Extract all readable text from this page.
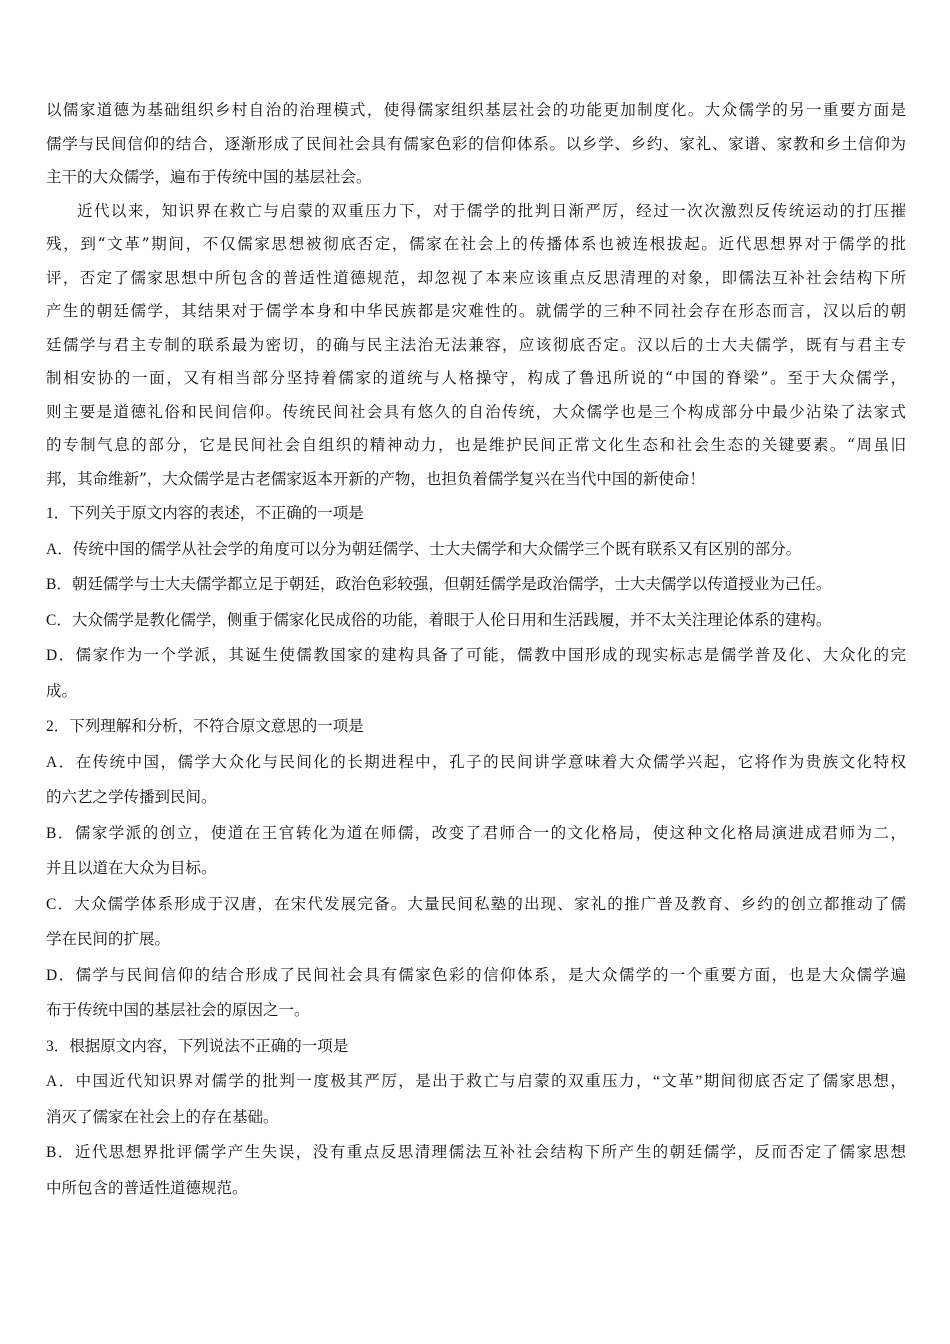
以儒家道德为基础组织乡村自治的治理模式，使得儒家组织基层社会的功能更加制度化。大众儒学的另一重要方面是
儒学与民间信仰的结合，逐渐形成了民间社会具有儒家色彩的信仰体系。以乡学、乡约、家礼、家谱、家教和乡土信仰为
主干的大众儒学，遍布于传统中国的基层社会。
近代以来，知识界在救亡与启蒙的双重压力下，对于儒学的批判日渐严厉，经过一次次激烈反传统运动的打压摧
残，到“文革”期间，不仅儒家思想被彻底否定，儒家在社会上的传播体系也被连根拔起。近代思想界对于儒学的批
评，否定了儒家思想中所包含的普适性道德规范，却忽视了本来应该重点反思清理的对象，即儒法互补社会结构下所
产生的朝廷儒学，其结果对于儒学本身和中华民族都是灾难性的。就儒学的三种不同社会存在形态而言，汉以后的朝
廷儒学与君主专制的联系最为密切，的确与民主法治无法兼容，应该彻底否定。汉以后的士大夫儒学，既有与君主专
制相安协的一面，又有相当部分坚持着儒家的道统与人格操守，构成了鲁迅所说的“中国的脊梁”。至于大众儒学，
则主要是道德礼俗和民间信仰。传统民间社会具有悠久的自治传统，大众儒学也是三个构成部分中最少沾染了法家式
的专制气息的部分，它是民间社会自组织的精神动力，也是维护民间正常文化生态和社会生态的关键要素。“周虽旧
邦，其命维新”，大众儒学是古老儒家返本开新的产物，也担负着儒学复兴在当代中国的新使命！
1．下列关于原文内容的表述，不正确的一项是
A．传统中国的儒学从社会学的角度可以分为朝廷儒学、士大夫儒学和大众儒学三个既有联系又有区别的部分。
B．朝廷儒学与士大夫儒学都立足于朝廷，政治色彩较强，但朝廷儒学是政治儒学，士大夫儒学以传道授业为己任。
C．大众儒学是教化儒学，侧重于儒家化民成俗的功能，着眼于人伦日用和生活践履，并不太关注理论体系的建构。
D．儒家作为一个学派，其诞生使儒教国家的建构具备了可能，儒教中国形成的现实标志是儒学普及化、大众化的完
成。
2．下列理解和分析，不符合原文意思的一项是
A．在传统中国，儒学大众化与民间化的长期进程中，孔子的民间讲学意味着大众儒学兴起，它将作为贵族文化特权
的六艺之学传播到民间。
B．儒家学派的创立，使道在王官转化为道在师儒，改变了君师合一的文化格局，使这种文化格局演进成君师为二，
并且以道在大众为目标。
C．大众儒学体系形成于汉唐，在宋代发展完备。大量民间私塾的出现、家礼的推广普及教育、乡约的创立都推动了儒
学在民间的扩展。
D．儒学与民间信仰的结合形成了民间社会具有儒家色彩的信仰体系，是大众儒学的一个重要方面，也是大众儒学遍
布于传统中国的基层社会的原因之一。
3．根据原文内容，下列说法不正确的一项是
A．中国近代知识界对儒学的批判一度极其严厉，是出于救亡与启蒙的双重压力，“文革”期间彻底否定了儒家思想，
消灭了儒家在社会上的存在基础。
B．近代思想界批评儒学产生失误，没有重点反思清理儒法互补社会结构下所产生的朝廷儒学，反而否定了儒家思想
中所包含的普适性道德规范。
